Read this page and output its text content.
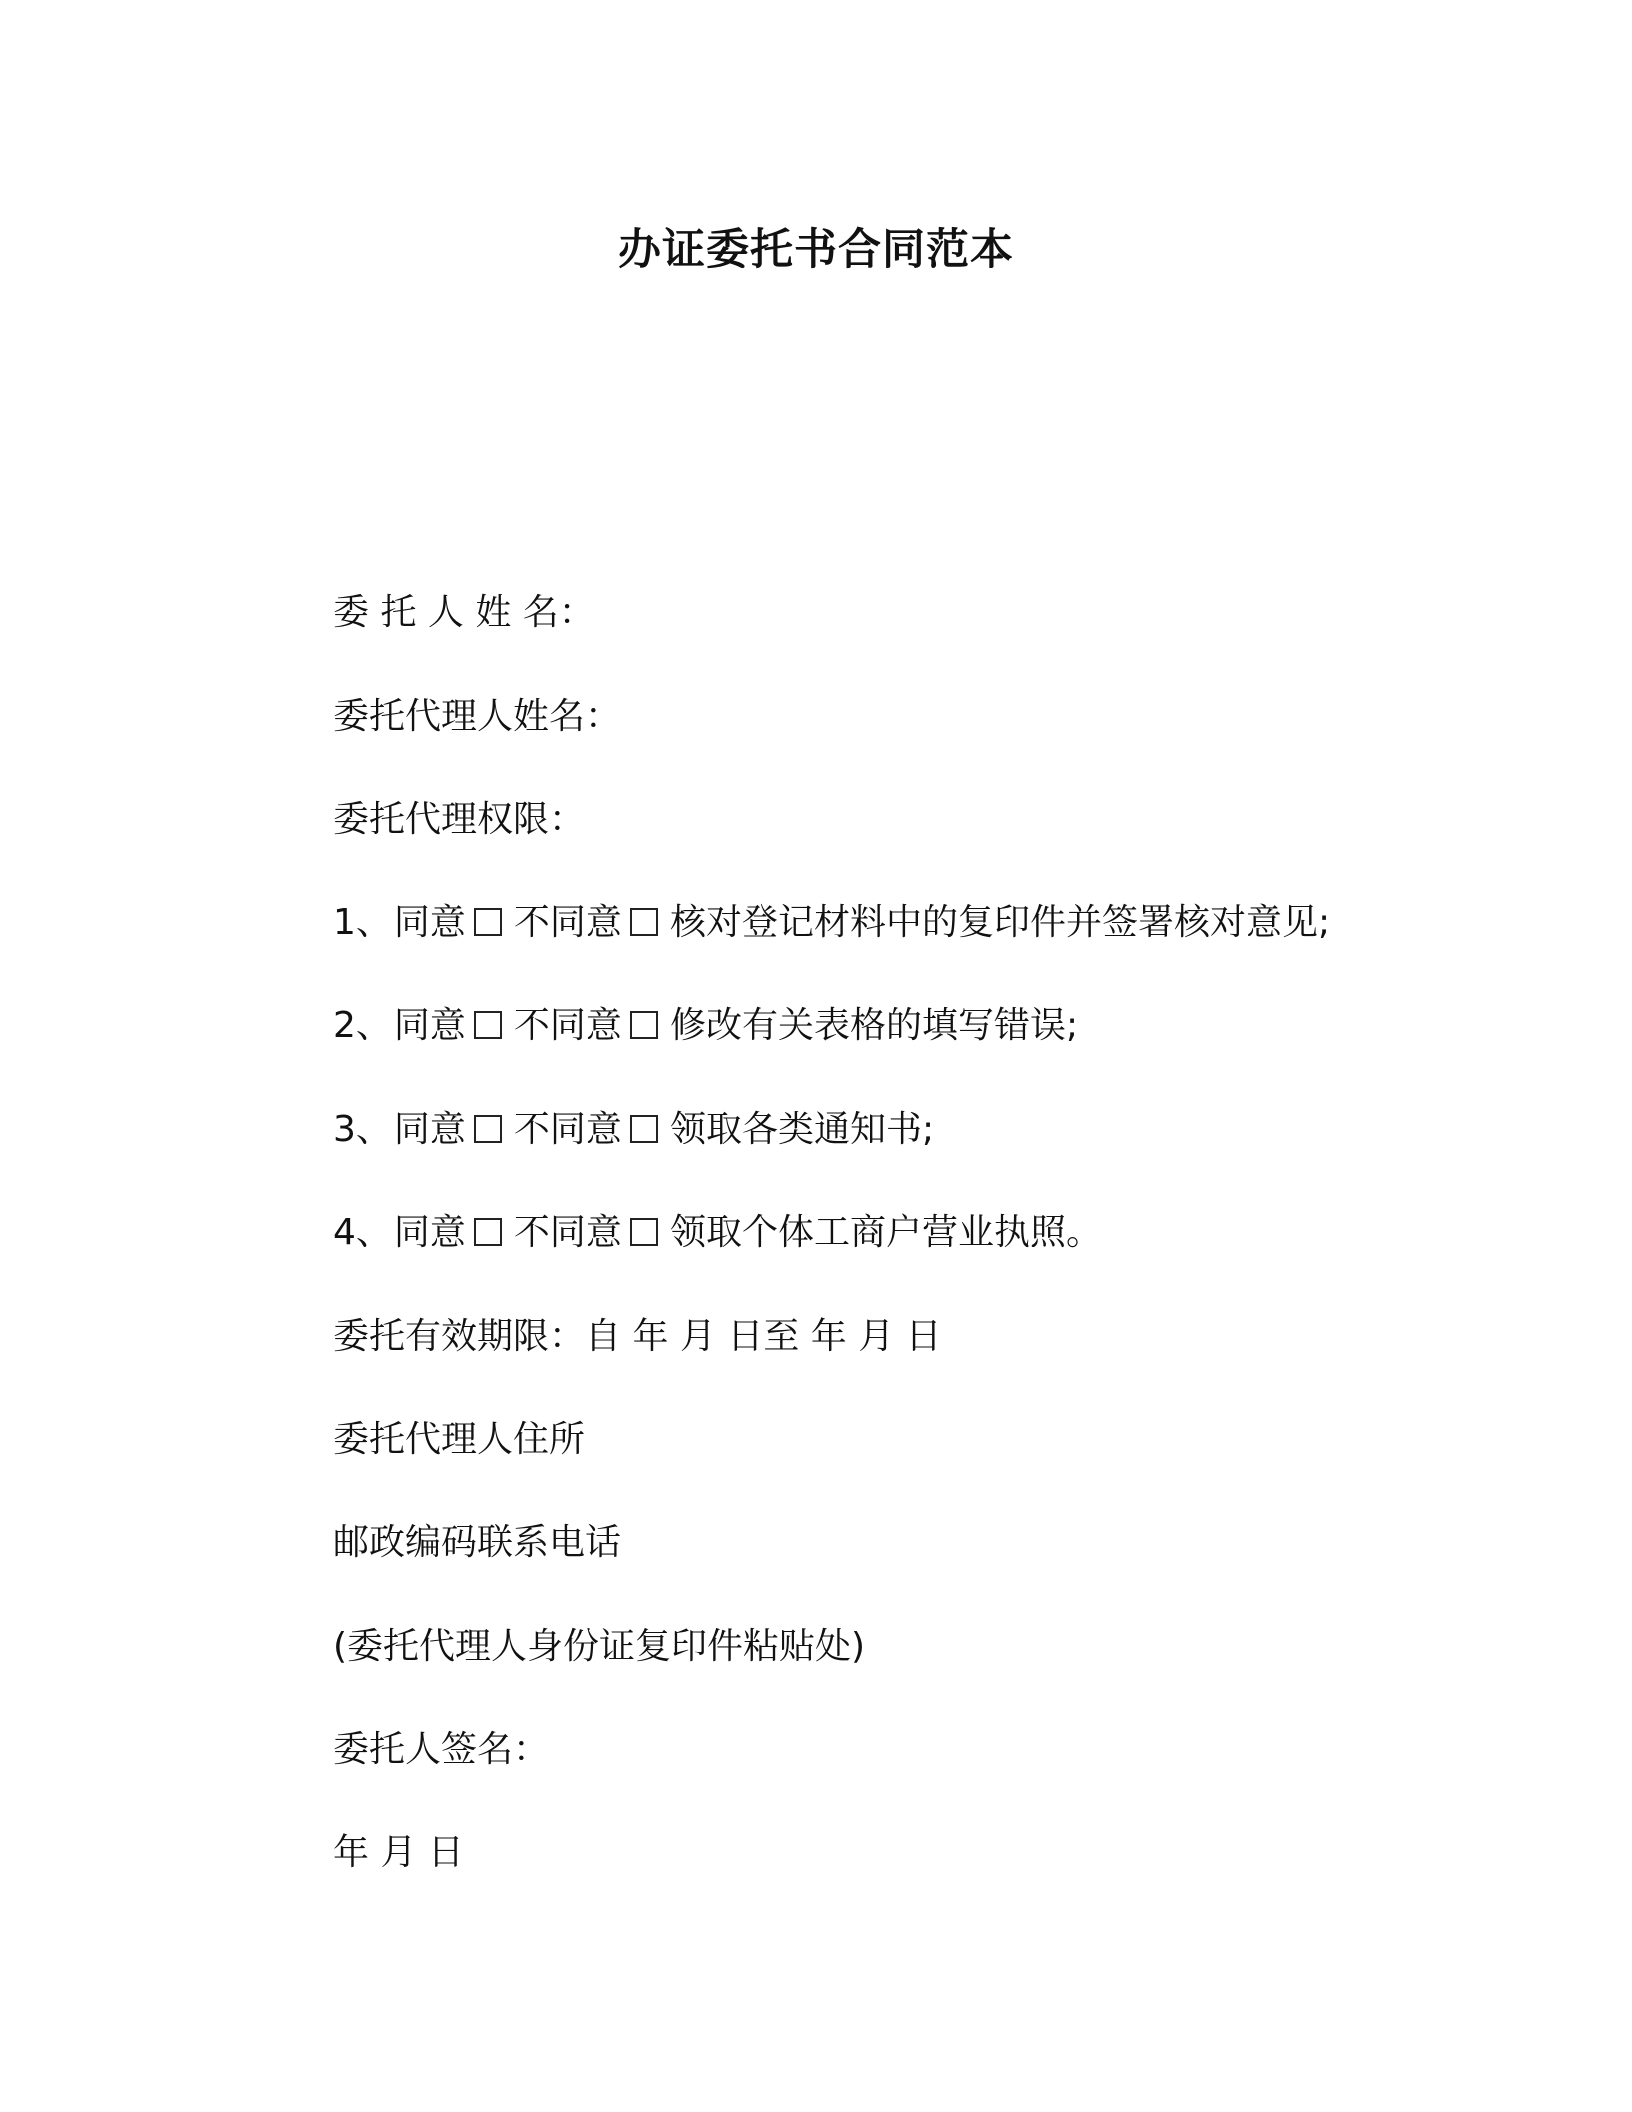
办证委托书合同范本
委 托 人 姓 名：
委托代理人姓名：
委托代理权限：
1、同意 不同意 核对登记材料中的复印件并签署核对意见;
2、同意 不同意 修改有关表格的填写错误;
3、同意 不同意 领取各类通知书;
4、同意 不同意 领取个体工商户营业执照。
委托有效期限：自 年 月 日至 年 月 日
委托代理人住所
邮政编码联系电话
(委托代理人身份证复印件粘贴处)
委托人签名：
年 月 日
